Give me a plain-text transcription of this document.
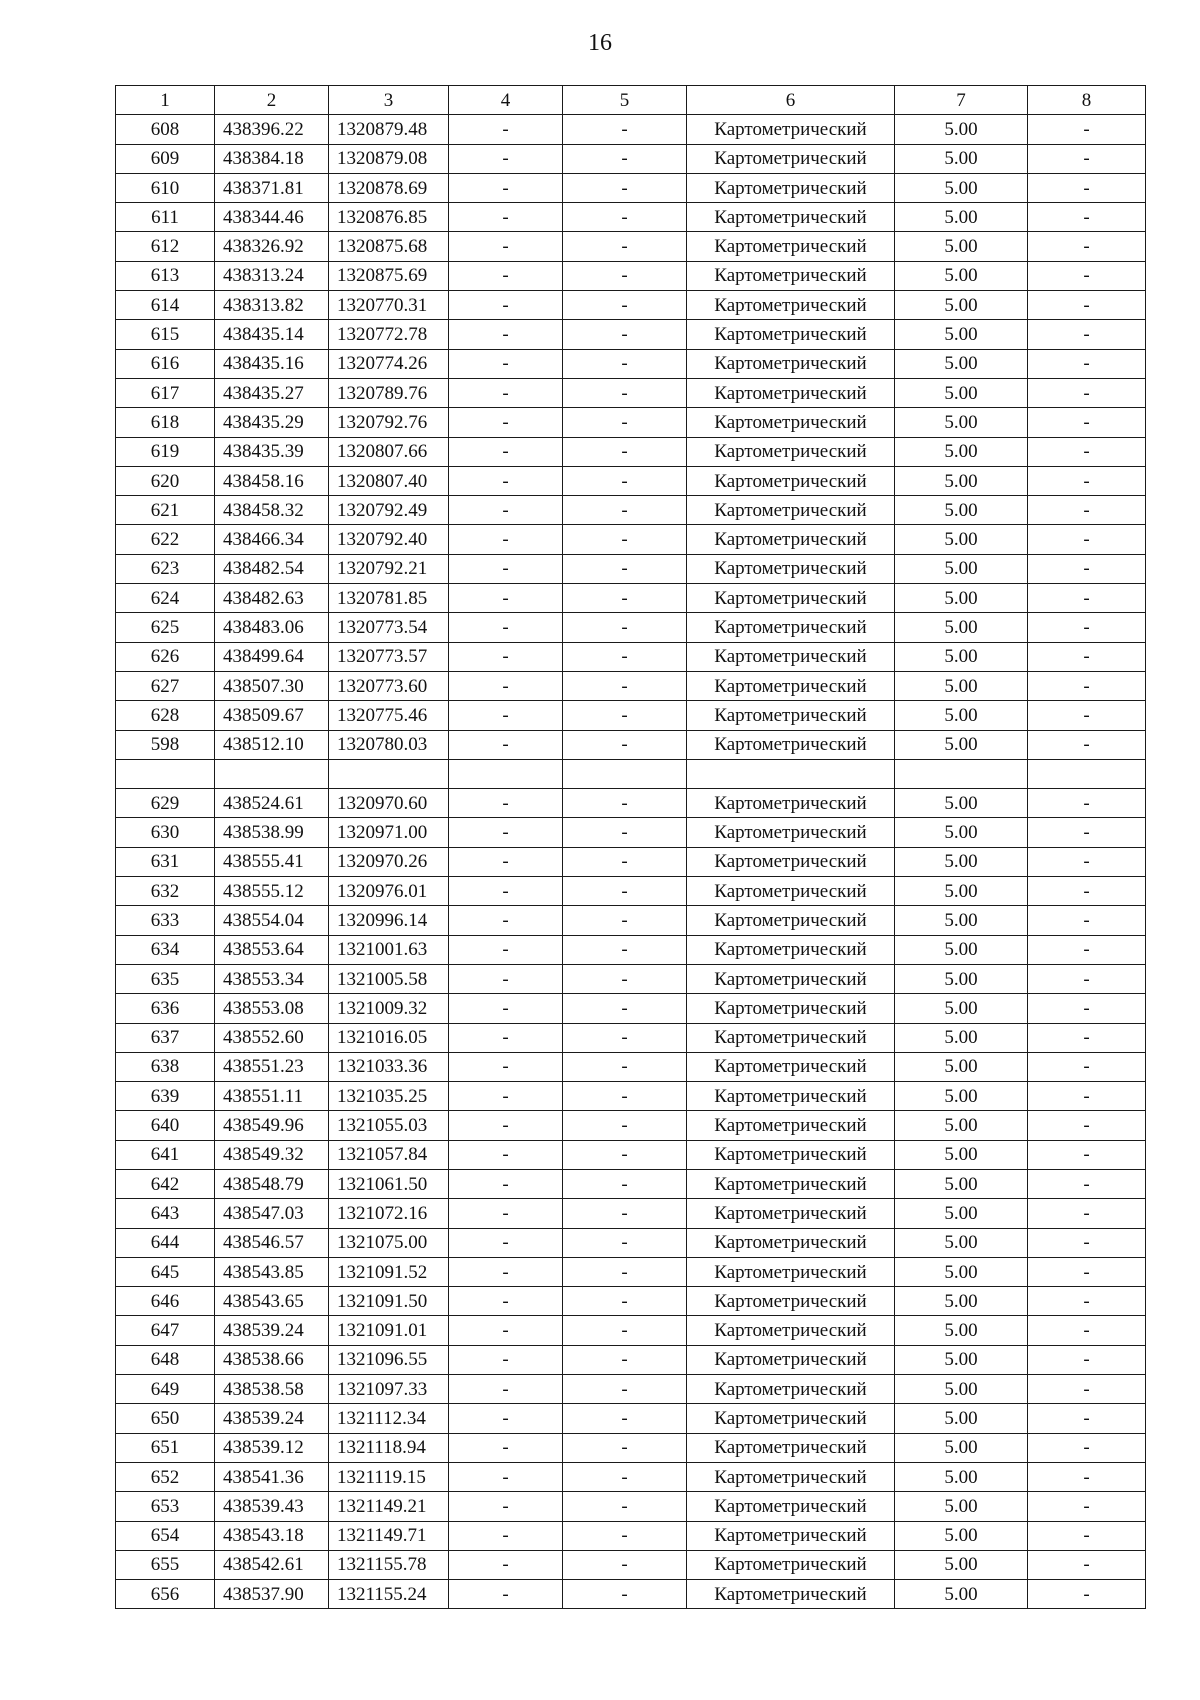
16
1	2	3	4	5	6	7	8
608	438396.22	1320879.48	-	-	Картометрический	5.00	-
609	438384.18	1320879.08	-	-	Картометрический	5.00	-
610	438371.81	1320878.69	-	-	Картометрический	5.00	-
611	438344.46	1320876.85	-	-	Картометрический	5.00	-
612	438326.92	1320875.68	-	-	Картометрический	5.00	-
613	438313.24	1320875.69	-	-	Картометрический	5.00	-
614	438313.82	1320770.31	-	-	Картометрический	5.00	-
615	438435.14	1320772.78	-	-	Картометрический	5.00	-
616	438435.16	1320774.26	-	-	Картометрический	5.00	-
617	438435.27	1320789.76	-	-	Картометрический	5.00	-
618	438435.29	1320792.76	-	-	Картометрический	5.00	-
619	438435.39	1320807.66	-	-	Картометрический	5.00	-
620	438458.16	1320807.40	-	-	Картометрический	5.00	-
621	438458.32	1320792.49	-	-	Картометрический	5.00	-
622	438466.34	1320792.40	-	-	Картометрический	5.00	-
623	438482.54	1320792.21	-	-	Картометрический	5.00	-
624	438482.63	1320781.85	-	-	Картометрический	5.00	-
625	438483.06	1320773.54	-	-	Картометрический	5.00	-
626	438499.64	1320773.57	-	-	Картометрический	5.00	-
627	438507.30	1320773.60	-	-	Картометрический	5.00	-
628	438509.67	1320775.46	-	-	Картометрический	5.00	-
598	438512.10	1320780.03	-	-	Картометрический	5.00	-

629	438524.61	1320970.60	-	-	Картометрический	5.00	-
630	438538.99	1320971.00	-	-	Картометрический	5.00	-
631	438555.41	1320970.26	-	-	Картометрический	5.00	-
632	438555.12	1320976.01	-	-	Картометрический	5.00	-
633	438554.04	1320996.14	-	-	Картометрический	5.00	-
634	438553.64	1321001.63	-	-	Картометрический	5.00	-
635	438553.34	1321005.58	-	-	Картометрический	5.00	-
636	438553.08	1321009.32	-	-	Картометрический	5.00	-
637	438552.60	1321016.05	-	-	Картометрический	5.00	-
638	438551.23	1321033.36	-	-	Картометрический	5.00	-
639	438551.11	1321035.25	-	-	Картометрический	5.00	-
640	438549.96	1321055.03	-	-	Картометрический	5.00	-
641	438549.32	1321057.84	-	-	Картометрический	5.00	-
642	438548.79	1321061.50	-	-	Картометрический	5.00	-
643	438547.03	1321072.16	-	-	Картометрический	5.00	-
644	438546.57	1321075.00	-	-	Картометрический	5.00	-
645	438543.85	1321091.52	-	-	Картометрический	5.00	-
646	438543.65	1321091.50	-	-	Картометрический	5.00	-
647	438539.24	1321091.01	-	-	Картометрический	5.00	-
648	438538.66	1321096.55	-	-	Картометрический	5.00	-
649	438538.58	1321097.33	-	-	Картометрический	5.00	-
650	438539.24	1321112.34	-	-	Картометрический	5.00	-
651	438539.12	1321118.94	-	-	Картометрический	5.00	-
652	438541.36	1321119.15	-	-	Картометрический	5.00	-
653	438539.43	1321149.21	-	-	Картометрический	5.00	-
654	438543.18	1321149.71	-	-	Картометрический	5.00	-
655	438542.61	1321155.78	-	-	Картометрический	5.00	-
656	438537.90	1321155.24	-	-	Картометрический	5.00	-
